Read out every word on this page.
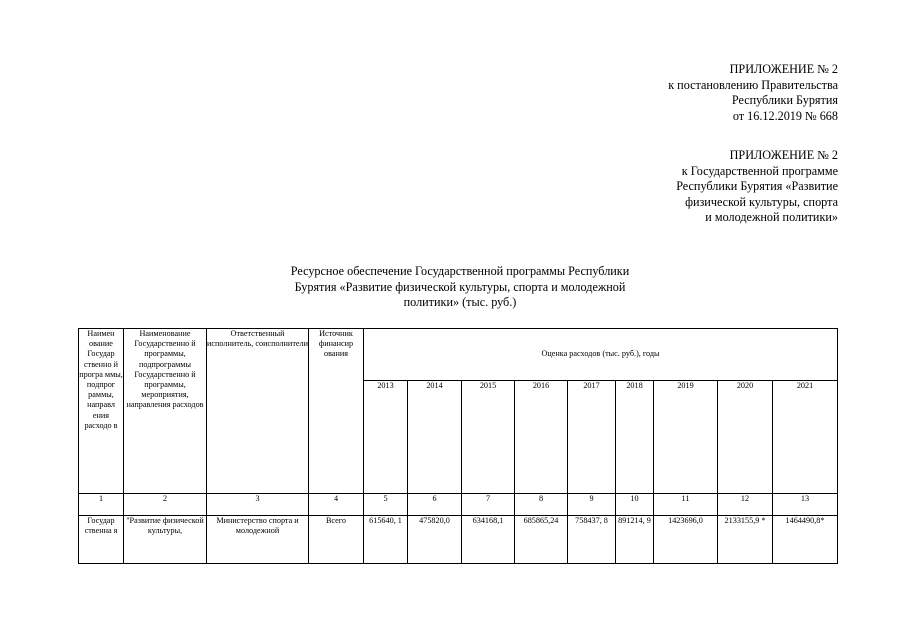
ПРИЛОЖЕНИЕ № 2
к постановлению Правительства
Республики Бурятия
от 16.12.2019 № 668
ПРИЛОЖЕНИЕ № 2
к Государственной программе
Республики Бурятия «Развитие
физической культуры, спорта
и молодежной политики»
Ресурсное обеспечение Государственной программы Республики
Бурятия «Развитие физической культуры, спорта и молодежной
политики» (тыс. руб.)
Наимен ование Государ ственно й програ ммы, подпрог раммы, направл ения расходо в	Наименование Государственно й программы, подпрограммы Государственно й программы, мероприятия, направления расходов	Ответственный исполнитель, соисполнители	Источник финансир ования	Оценка расходов (тыс. руб.), годы								
				2013	2014	2015	2016	2017	2018	2019	2020	2021
1	2	3	4	5	6	7	8	9	10	11	12	13
Государ ственна я	"Развитие физической культуры,	Министерство спорта и молодежной	Всего	615640, 1	475820,0	634168,1	685865,24	758437, 8	891214, 9	1423696,0	2133155,9 *	1464490,8*
